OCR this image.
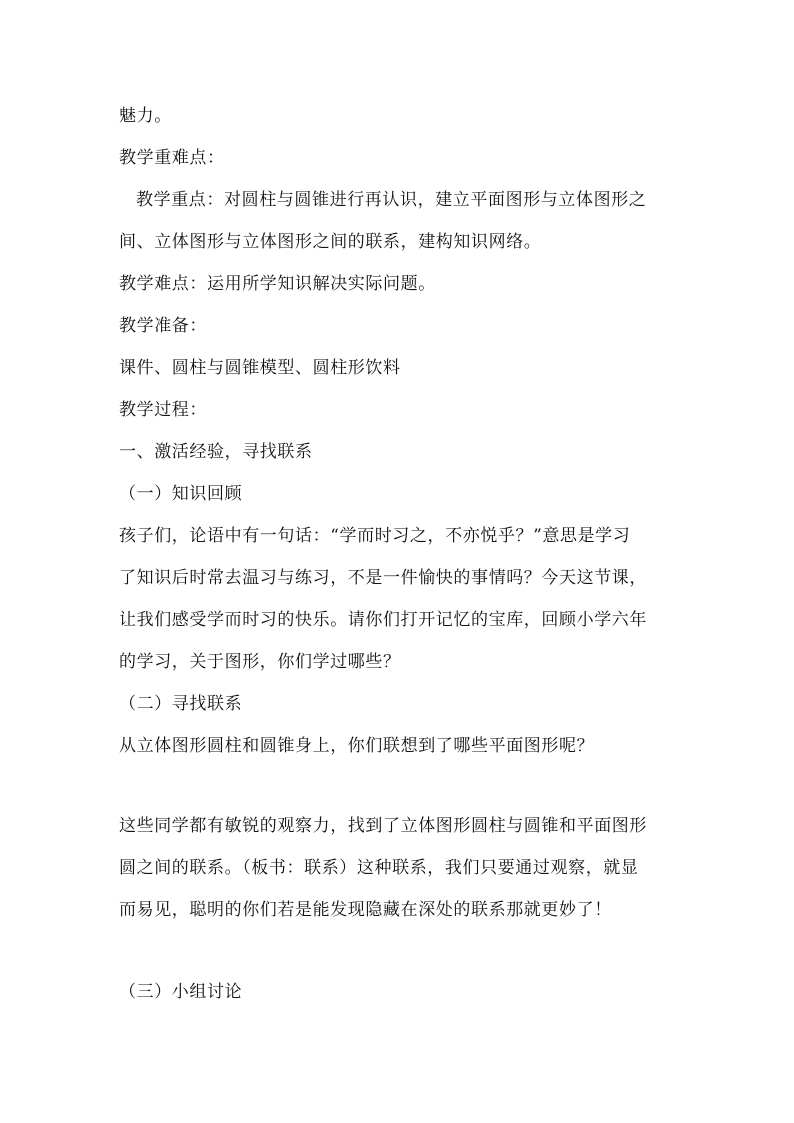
魅力。
教学重难点：
教学重点：对圆柱与圆锥进行再认识，建立平面图形与立体图形之
间、立体图形与立体图形之间的联系，建构知识网络。
教学难点：运用所学知识解决实际问题。
教学准备：
课件、圆柱与圆锥模型、圆柱形饮料
教学过程：
一、激活经验，寻找联系
（一）知识回顾
孩子们，论语中有一句话：“学而时习之，不亦悦乎？”意思是学习
了知识后时常去温习与练习，不是一件愉快的事情吗？今天这节课，
让我们感受学而时习的快乐。请你们打开记忆的宝库，回顾小学六年
的学习，关于图形，你们学过哪些？
（二）寻找联系
从立体图形圆柱和圆锥身上，你们联想到了哪些平面图形呢？
这些同学都有敏锐的观察力，找到了立体图形圆柱与圆锥和平面图形
圆之间的联系。（板书：联系）这种联系，我们只要通过观察，就显
而易见，聪明的你们若是能发现隐藏在深处的联系那就更妙了！
（三）小组讨论
